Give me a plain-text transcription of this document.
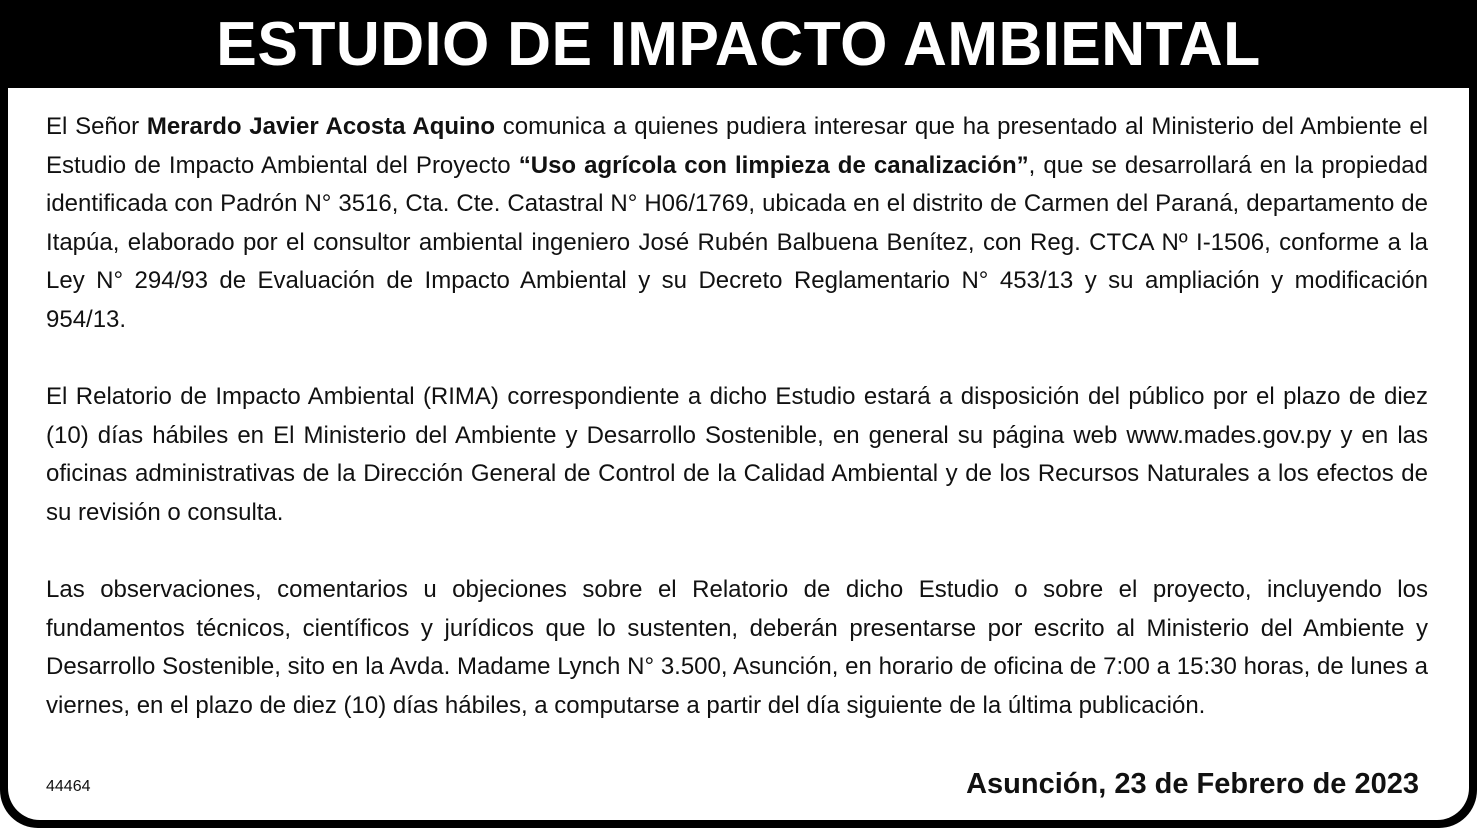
ESTUDIO DE IMPACTO AMBIENTAL

El Señor Merardo Javier Acosta Aquino comunica a quienes pudiera interesar que ha presentado al Ministerio del Ambiente el Estudio de Impacto Ambiental del Proyecto “Uso agrícola con limpieza de canalización”, que se desarrollará en la propiedad identificada con Padrón N° 3516, Cta. Cte. Catastral N° H06/1769, ubicada en el distrito de Carmen del Paraná, departamento de Itapúa, elaborado por el consultor ambiental ingeniero José Rubén Balbuena Benítez, con Reg. CTCA Nº I-1506, conforme a la Ley N° 294/93 de Evaluación de Impacto Ambiental y su Decreto Reglamentario N° 453/13 y su ampliación y modificación 954/13.

El Relatorio de Impacto Ambiental (RIMA) correspondiente a dicho Estudio estará a disposición del público por el plazo de diez (10) días hábiles en El Ministerio del Ambiente y Desarrollo Sostenible, en general su página web www.mades.gov.py y en las oficinas administrativas de la Dirección General de Control de la Calidad Ambiental y de los Recursos Naturales a los efectos de su revisión o consulta.

Las observaciones, comentarios u objeciones sobre el Relatorio de dicho Estudio o sobre el proyecto, incluyendo los fundamentos técnicos, científicos y jurídicos que lo sustenten, deberán presentarse por escrito al Ministerio del Ambiente y Desarrollo Sostenible, sito en la Avda. Madame Lynch N° 3.500, Asunción, en horario de oficina de 7:00 a 15:30 horas, de lunes a viernes, en el plazo de diez (10) días hábiles, a computarse a partir del día siguiente de la última publicación.

44464	Asunción, 23 de Febrero de 2023
